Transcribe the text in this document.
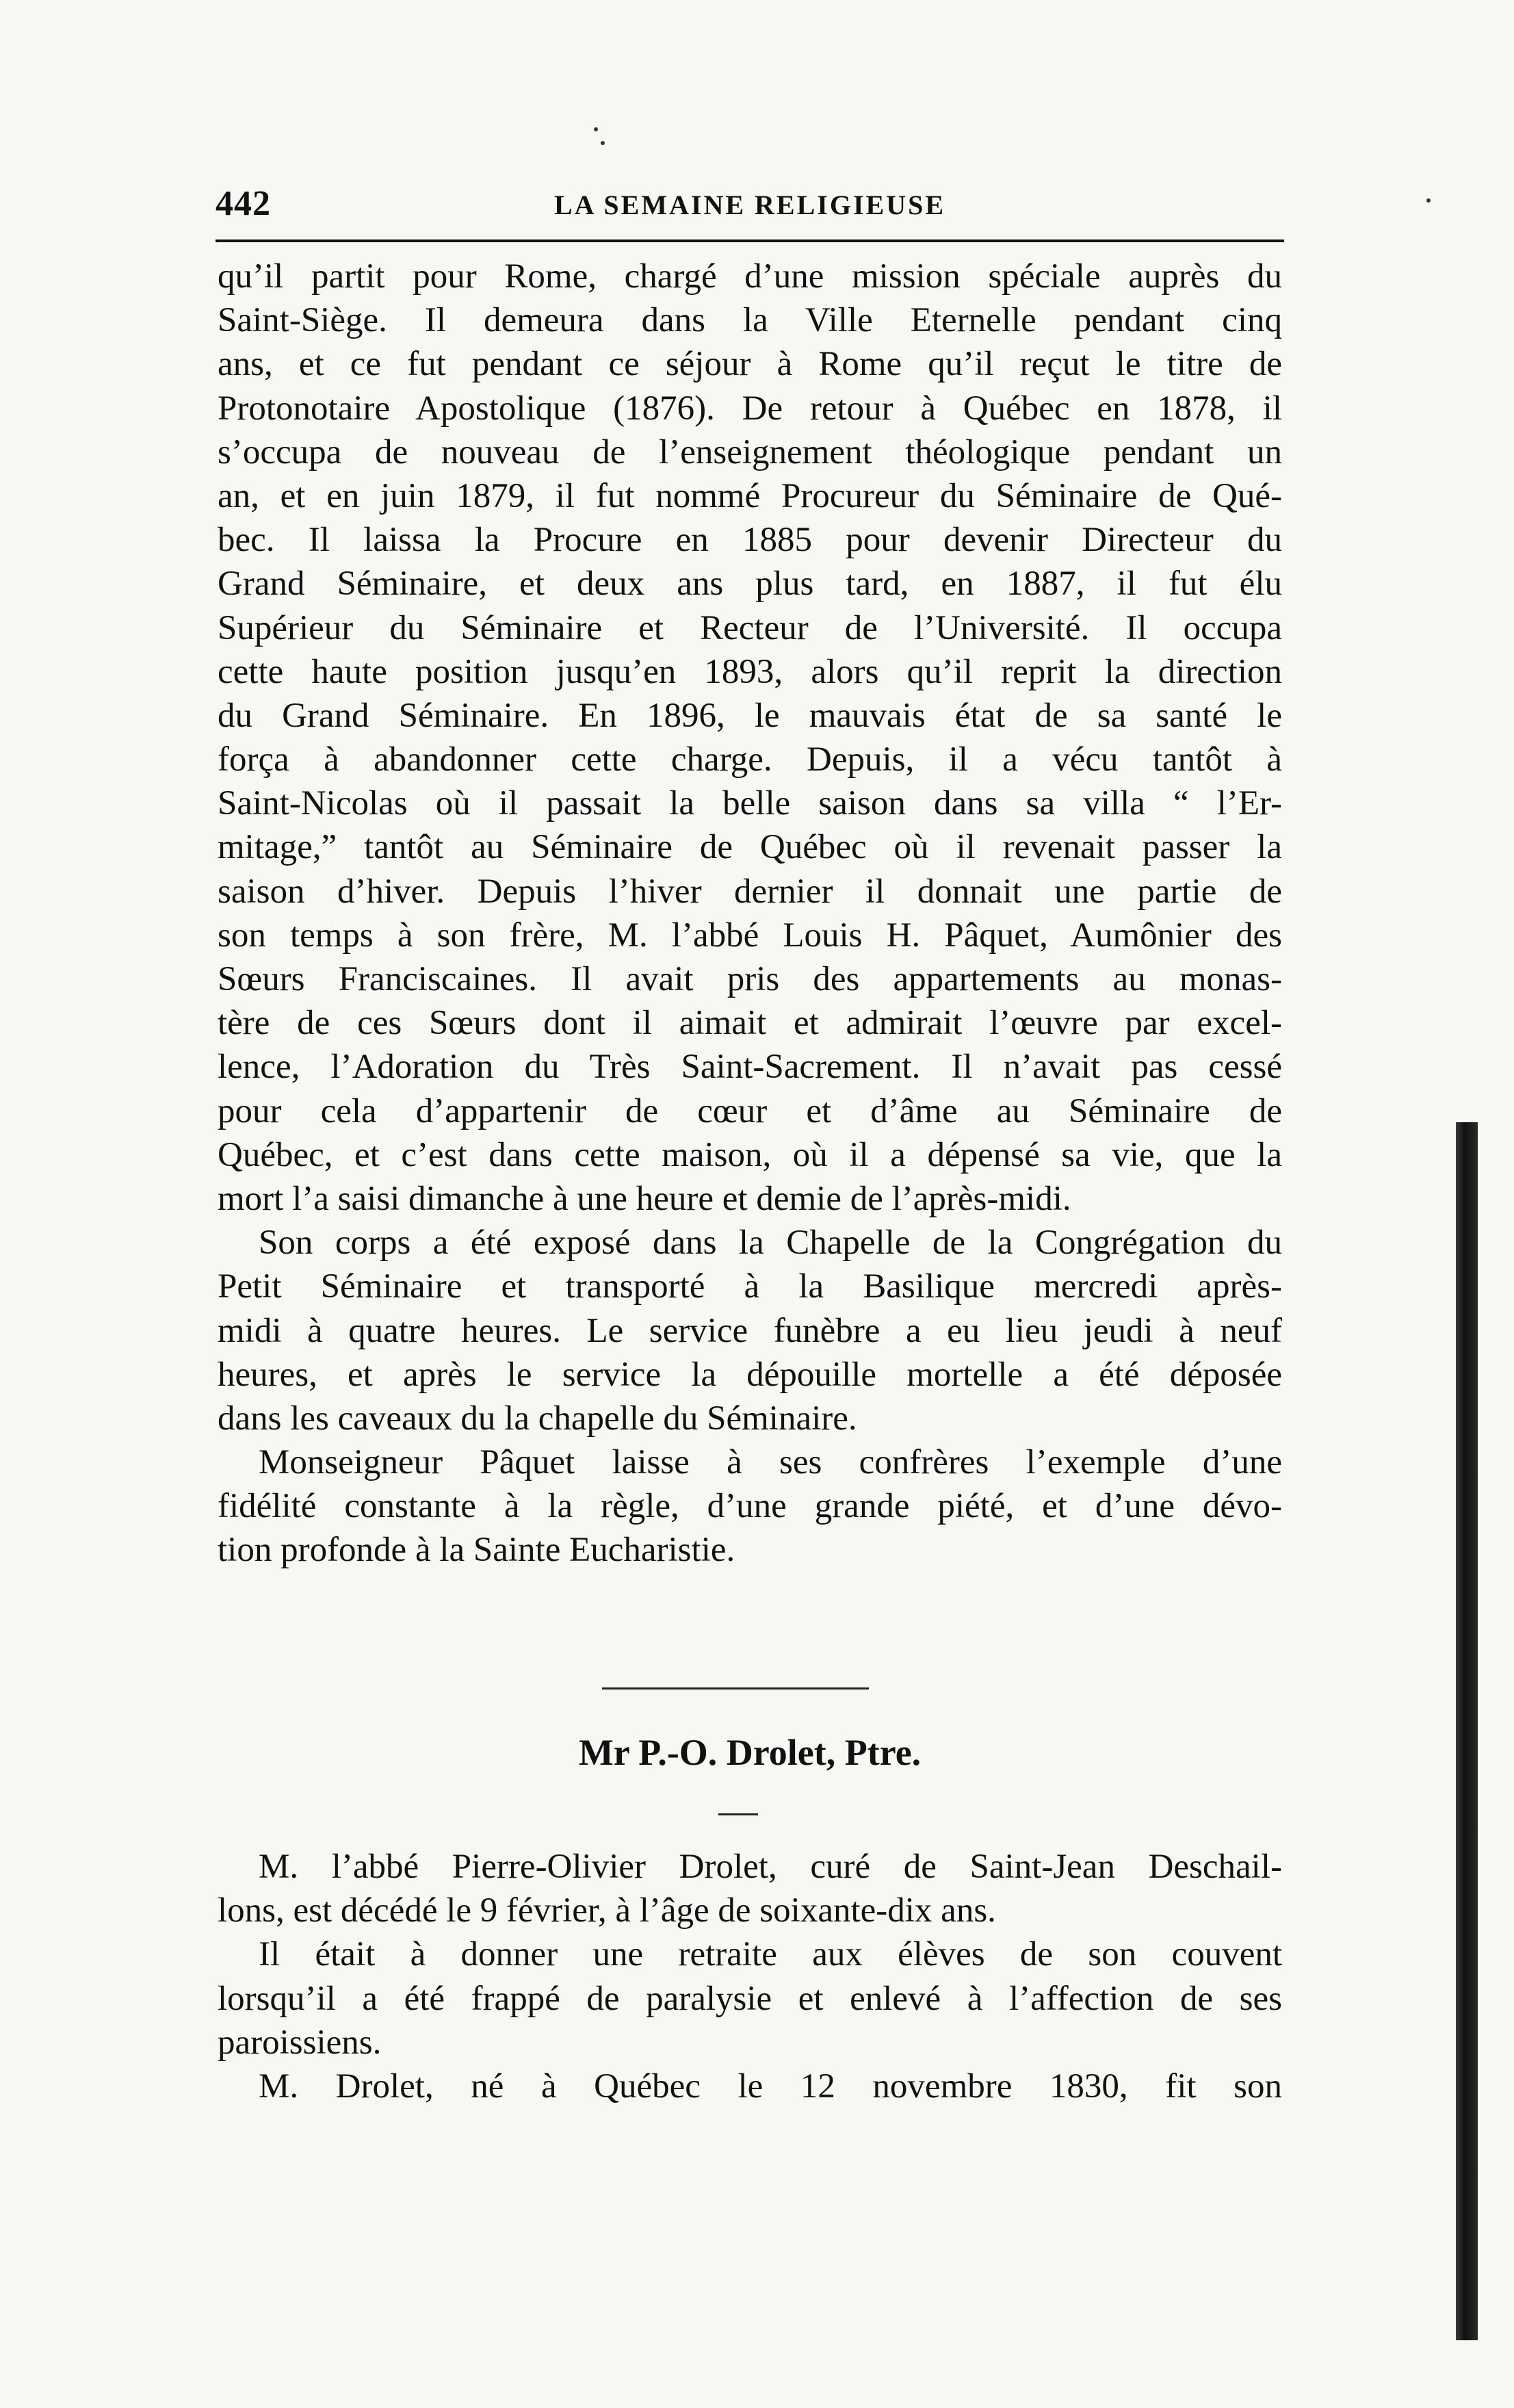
442	LA SEMAINE RELIGIEUSE
qu’il partit pour Rome, chargé d’une mission spéciale auprès du
Saint-Siège. Il demeura dans la Ville Eternelle pendant cinq
ans, et ce fut pendant ce séjour à Rome qu’il reçut le titre de
Protonotaire Apostolique (1876). De retour à Québec en 1878, il
s’occupa de nouveau de l’enseignement théologique pendant un
an, et en juin 1879, il fut nommé Procureur du Séminaire de Qué-
bec. Il laissa la Procure en 1885 pour devenir Directeur du
Grand Séminaire, et deux ans plus tard, en 1887, il fut élu
Supérieur du Séminaire et Recteur de l’Université. Il occupa
cette haute position jusqu’en 1893, alors qu’il reprit la direction
du Grand Séminaire. En 1896, le mauvais état de sa santé le
força à abandonner cette charge. Depuis, il a vécu tantôt à
Saint-Nicolas où il passait la belle saison dans sa villa “ l’Er-
mitage,” tantôt au Séminaire de Québec où il revenait passer la
saison d’hiver. Depuis l’hiver dernier il donnait une partie de
son temps à son frère, M. l’abbé Louis H. Pâquet, Aumônier des
Sœurs Franciscaines. Il avait pris des appartements au monas-
tère de ces Sœurs dont il aimait et admirait l’œuvre par excel-
lence, l’Adoration du Très Saint-Sacrement. Il n’avait pas cessé
pour cela d’appartenir de cœur et d’âme au Séminaire de
Québec, et c’est dans cette maison, où il a dépensé sa vie, que la
mort l’a saisi dimanche à une heure et demie de l’après-midi.
Son corps a été exposé dans la Chapelle de la Congrégation du
Petit Séminaire et transporté à la Basilique mercredi après-
midi à quatre heures. Le service funèbre a eu lieu jeudi à neuf
heures, et après le service la dépouille mortelle a été déposée
dans les caveaux du la chapelle du Séminaire.
Monseigneur Pâquet laisse à ses confrères l’exemple d’une
fidélité constante à la règle, d’une grande piété, et d’une dévo-
tion profonde à la Sainte Eucharistie.
Mr P.-O. Drolet, Ptre.
M. l’abbé Pierre-Olivier Drolet, curé de Saint-Jean Deschail-
lons, est décédé le 9 février, à l’âge de soixante-dix ans.
Il était à donner une retraite aux élèves de son couvent
lorsqu’il a été frappé de paralysie et enlevé à l’affection de ses
paroissiens.
M. Drolet, né à Québec le 12 novembre 1830, fit son
